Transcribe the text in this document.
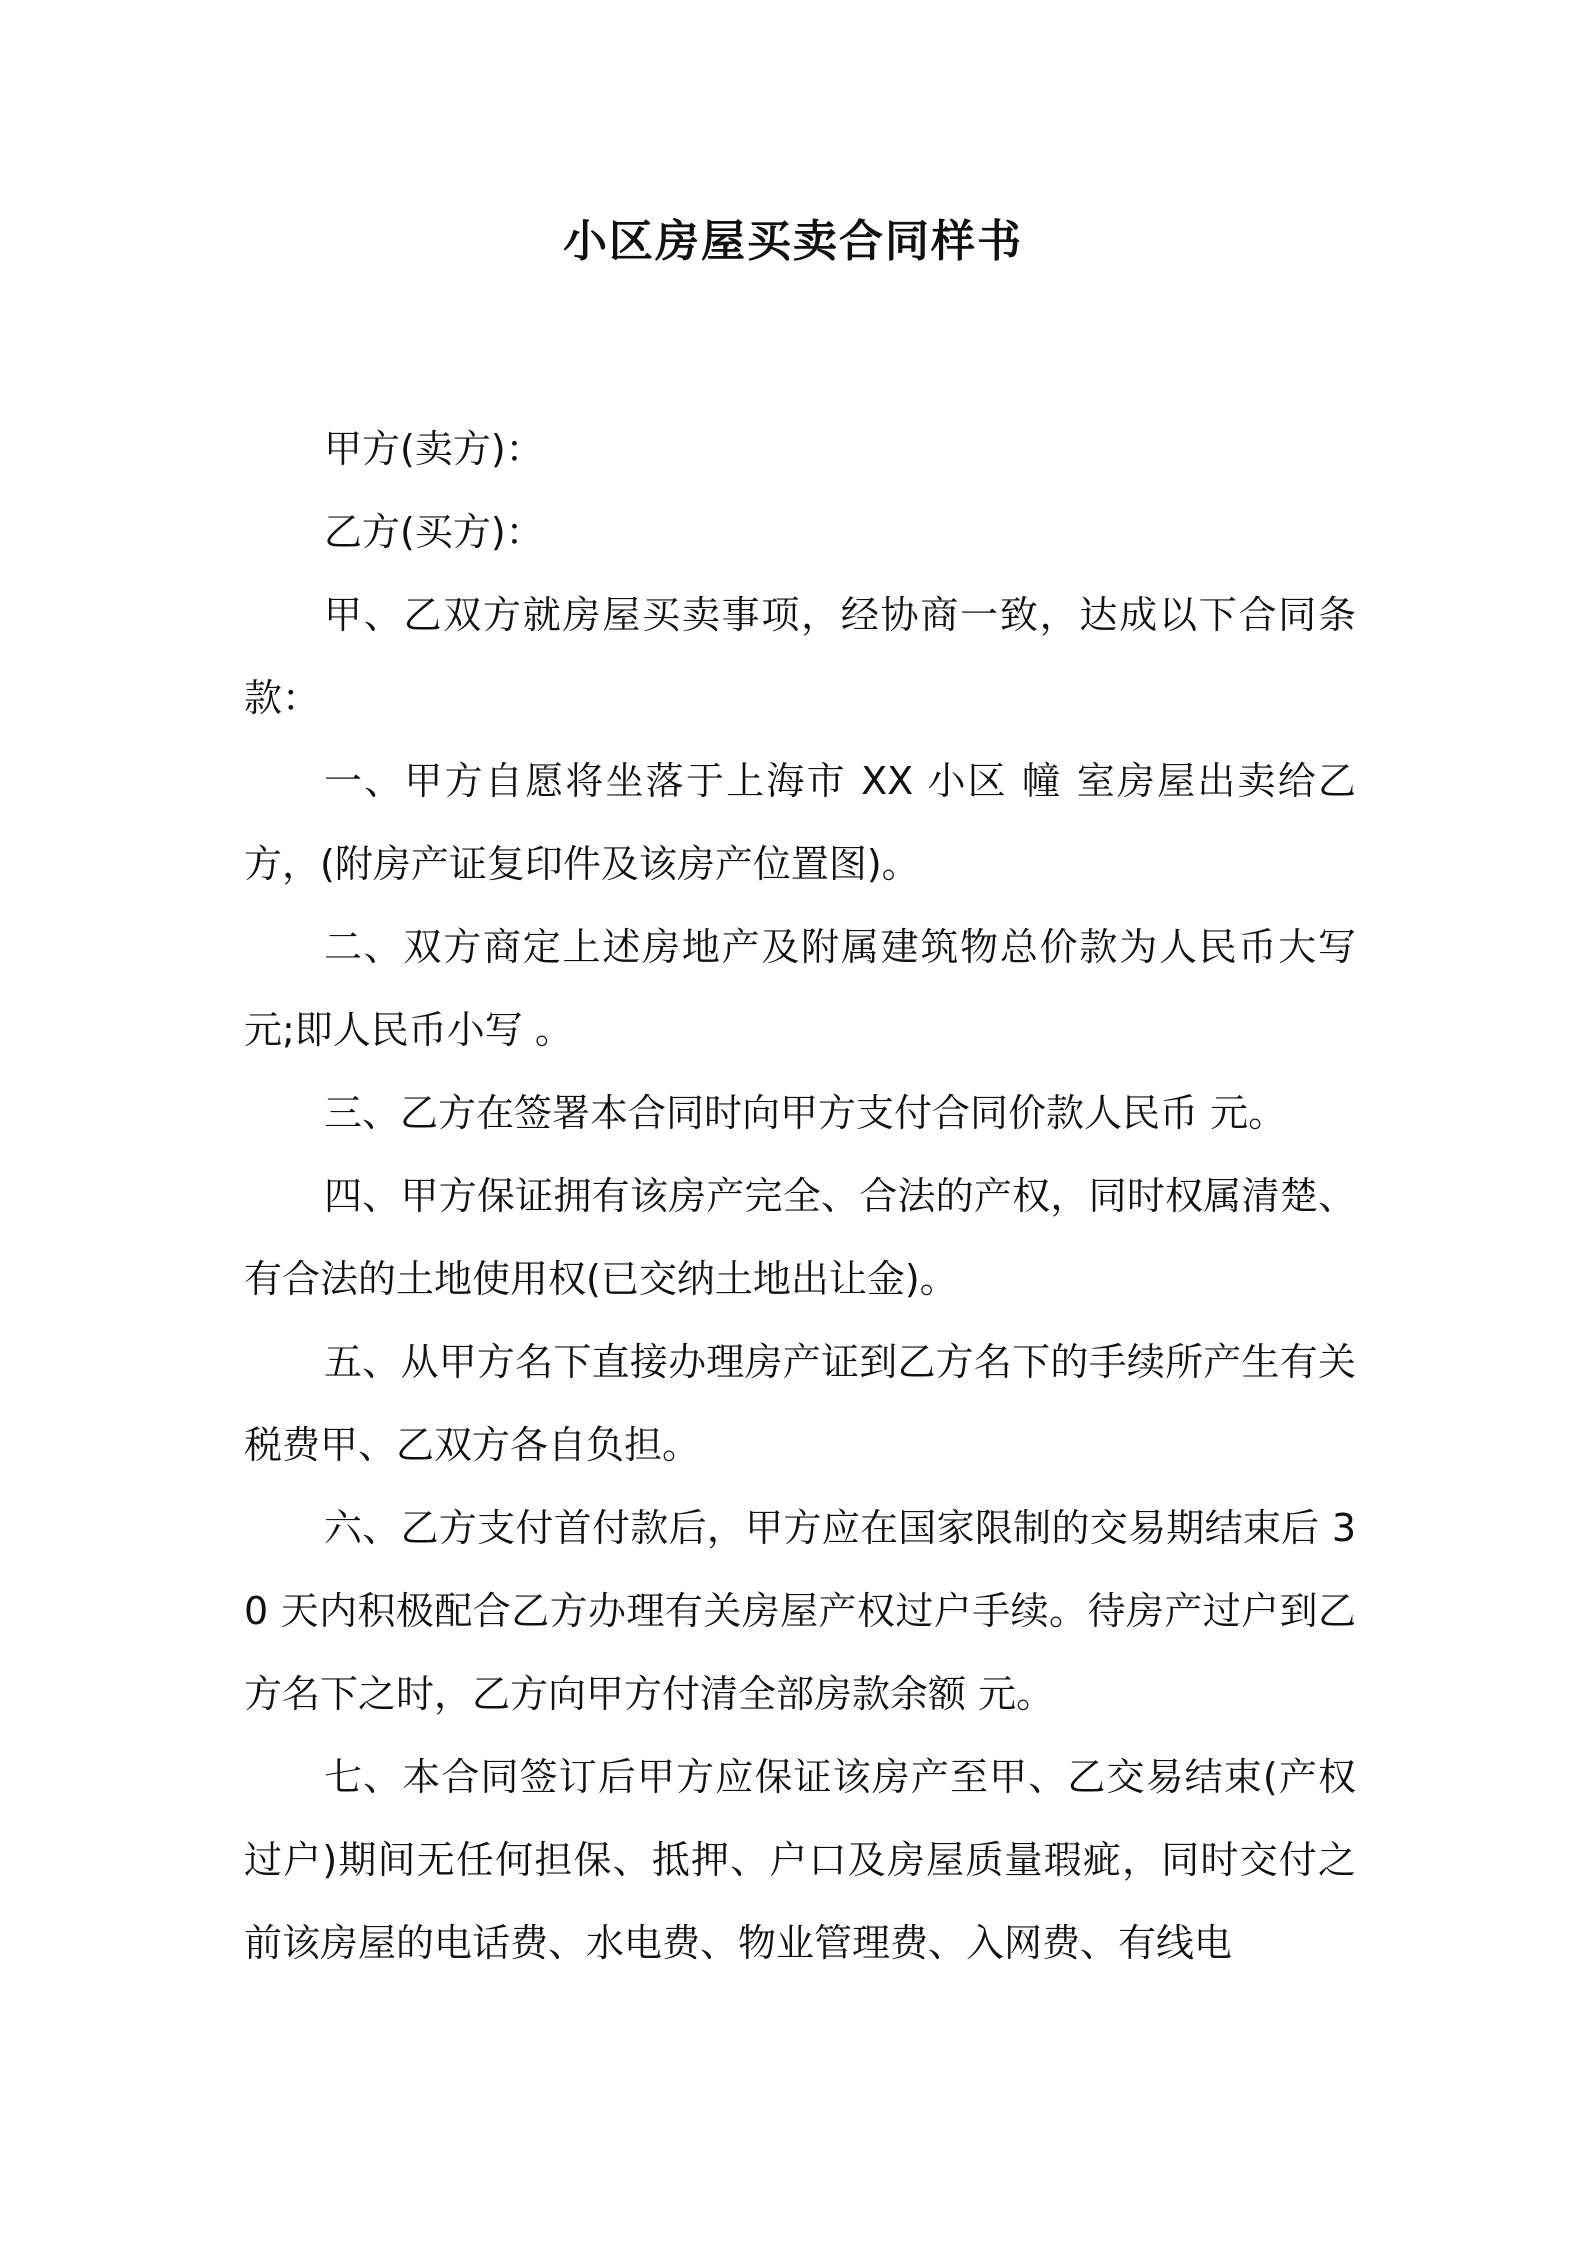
小区房屋买卖合同样书

甲方(卖方)：

乙方(买方)：

甲、乙双方就房屋买卖事项，经协商一致，达成以下合同条款：

一、甲方自愿将坐落于上海市 XX 小区 幢 室房屋出卖给乙方，(附房产证复印件及该房产位置图)。

二、双方商定上述房地产及附属建筑物总价款为人民币大写 元;即人民币小写 。

三、乙方在签署本合同时向甲方支付合同价款人民币 元。

四、甲方保证拥有该房产完全、合法的产权，同时权属清楚、有合法的土地使用权(已交纳土地出让金)。

五、从甲方名下直接办理房产证到乙方名下的手续所产生有关税费甲、乙双方各自负担。

六、乙方支付首付款后，甲方应在国家限制的交易期结束后 30 天内积极配合乙方办理有关房屋产权过户手续。待房产过户到乙方名下之时，乙方向甲方付清全部房款余额 元。

七、本合同签订后甲方应保证该房产至甲、乙交易结束(产权过户)期间无任何担保、抵押、户口及房屋质量瑕疵，同时交付之前该房屋的电话费、水电费、物业管理费、入网费、有线电
